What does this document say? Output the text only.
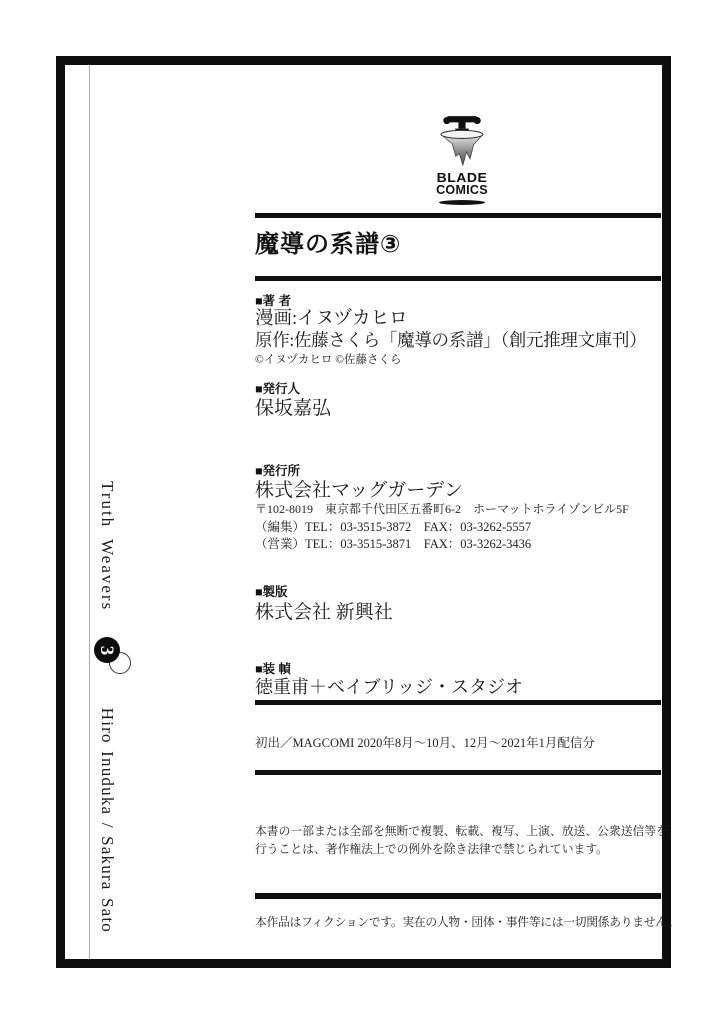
Truth Weavers
3
Hiro Inuduka / Sakura Sato
BLADE
COMICS
魔導の系譜③
■著 者
漫画:イヌヅカヒロ
原作:佐藤さくら「魔導の系譜」（創元推理文庫刊）
©イヌヅカヒロ ©佐藤さくら
■発行人
保坂嘉弘
■発行所
株式会社マッグガーデン
〒102-8019　東京都千代田区五番町6-2　ホーマットホライゾンビル5F
（編集）TEL：03-3515-3872　FAX：03-3262-5557
（営業）TEL：03-3515-3871　FAX：03-3262-3436
■製版
株式会社 新興社
■装 幀
徳重甫＋ベイブリッジ・スタジオ
初出／MAGCOMI 2020年8月～10月、12月～2021年1月配信分
本書の一部または全部を無断で複製、転載、複写、上演、放送、公衆送信等を
行うことは、著作権法上での例外を除き法律で禁じられています。
本作品はフィクションです。実在の人物・団体・事件等には一切関係ありません。
